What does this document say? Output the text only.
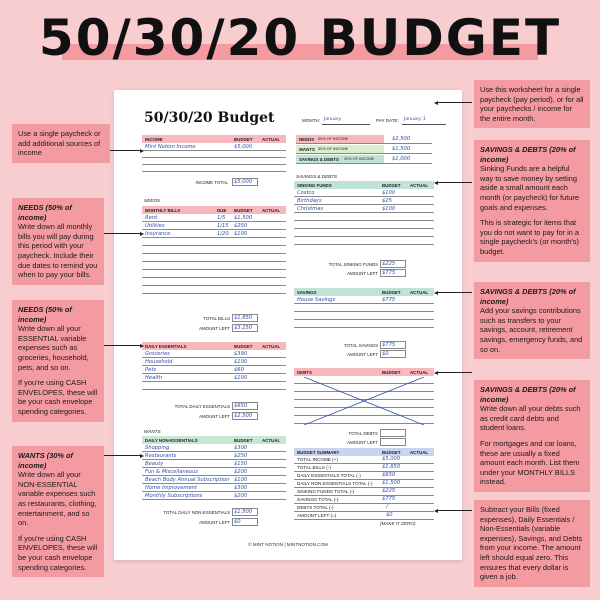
50/30/20 BUDGET
50/30/20 Budget	MONTH: January	PAY DATE: January 1
INCOME	BUDGET ACTUAL
Mint Notion Income	$5,000
INCOME TOTAL $5,000
NEEDS 50% OF INCOME	$2,500
WANTS 30% OF INCOME	$1,500
SAVINGS & DEBTS 20% OF INCOME	$1,000
NEEDS
MONTHLY BILLS	DUE BUDGET ACTUAL
Rent	1/5 $1,500
Utilities	1/15 $250
Insurance	1/20 $100
TOTAL BILLS $1,850
AMOUNT LEFT $3,150
DAILY ESSENTIALS	BUDGET ACTUAL
Groceries	$390
Household	$100
Pets	$60
Health	$100
TOTAL DAILY ESSENTIALS $650
AMOUNT LEFT $2,500
WANTS
DAILY NON-ESSENTIALS	BUDGET ACTUAL
Shopping	$300
Restaurants	$250
Beauty	$150
Fun & Miscellaneous	$200
Beach Body Annual Subscription $100
Home Improvement	$300
Monthly Subscriptions	$200
TOTAL DAILY NON-ESSENTIALS $1,500
AMOUNT LEFT $0
SAVINGS & DEBTS
SINKING FUNDS	BUDGET ACTUAL
Costco	$100
Birthdays	$25
Christmas	$100
TOTAL SINKING FUNDS $225
AMOUNT LEFT $775
SAVINGS	BUDGET ACTUAL
House Savings	$775
TOTAL SAVINGS $775
AMOUNT LEFT $0
DEBTS	BUDGET ACTUAL
TOTAL DEBTS
AMOUNT LEFT
BUDGET SUMMARY	BUDGET ACTUAL
TOTAL INCOME (+)	$5,000
TOTAL BILLS (-)	$1,850
DAILY ESSENTIALS TOTAL (-)	$650
DAILY NON-ESSENTIALS TOTAL (-) $1,500
SINKING FUNDS TOTAL (-)	$225
SAVINGS TOTAL (-)	$775
DEBTS TOTAL (-)	/
AMOUNT LEFT (=)	$0
(MAKE IT ZERO)
© MINT NOTION | MINTNOTION.COM

Use a single paycheck or add additional sources of income

NEEDS (50% of income)
Write down all monthly bills you will pay during this period with your paycheck. Include their due dates to remind you when to pay your bills.

NEEDS (50% of income)
Write down all your ESSENTIAL variable expenses such as groceries, household, pets, and so on.

If you're using CASH ENVELOPES, these will be your cash envelope spending categories.

WANTS (30% of income)
Write down all your NON-ESSENTIAL variable expenses such as restaurants, clothing, entertainment, and so on.

If you're using CASH ENVELOPES, these will be your cash envelope spending categories.

Use this worksheet for a single paycheck (pay period), or for all your paychecks / income for the entire month.

SAVINGS & DEBTS (20% of income)
Sinking Funds are a helpful way to save money by setting aside a small amount each month (or paycheck) for future goals and expenses.

This is strategic for items that you do not want to pay for in a single paycheck's (or month's) budget.

SAVINGS & DEBTS (20% of income)
Add your savings contributions such as transfers to your savings, account, retirement savings, emergency funds, and so on.

SAVINGS & DEBTS (20% of income)
Write down all your debts such as credit card debts and student loans.

For mortgages and car loans, these are usually a fixed amount each month. List them under your MONTHLY BILLS instead.

Subtract your Bills (fixed expenses), Daily Essentials / Non-Essentials (variable expenses), Savings, and Debts from your income. The amount left should equal zero. This ensures that every dollar is given a job.
